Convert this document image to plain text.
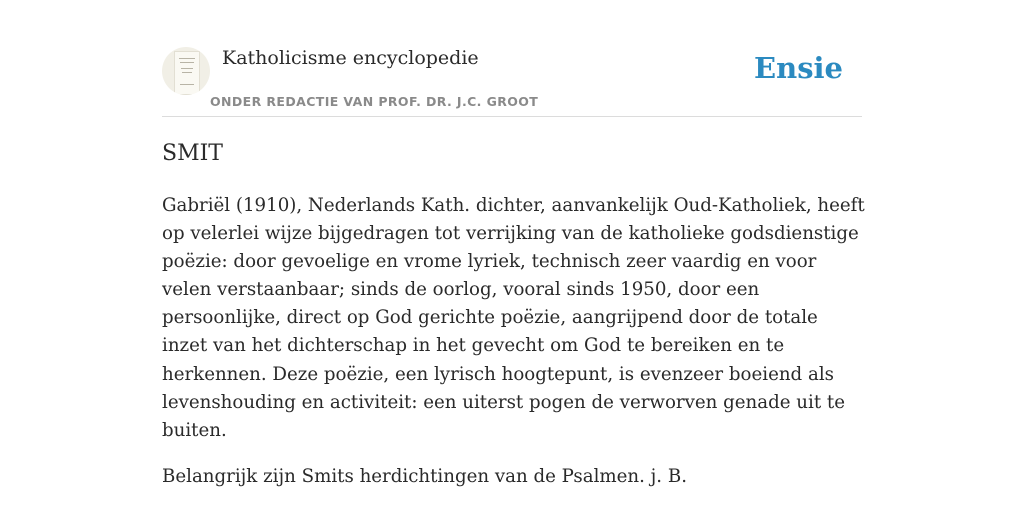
Katholicisme encyclopedie
ONDER REDACTIE VAN PROF. DR. J.C. GROOT
Ensie
SMIT

Gabriël (1910), Nederlands Kath. dichter, aanvankelijk Oud-Katholiek, heeft op velerlei wijze bijgedragen tot verrijking van de katholieke godsdienstige poëzie: door gevoelige en vrome lyriek, technisch zeer vaardig en voor velen verstaanbaar; sinds de oorlog, vooral sinds 1950, door een persoonlijke, direct op God gerichte poëzie, aangrijpend door de totale inzet van het dichterschap in het gevecht om God te bereiken en te herkennen. Deze poëzie, een lyrisch hoogtepunt, is evenzeer boeiend als levenshouding en activiteit: een uiterst pogen de verworven genade uit te buiten.

Belangrijk zijn Smits herdichtingen van de Psalmen. j. B.
